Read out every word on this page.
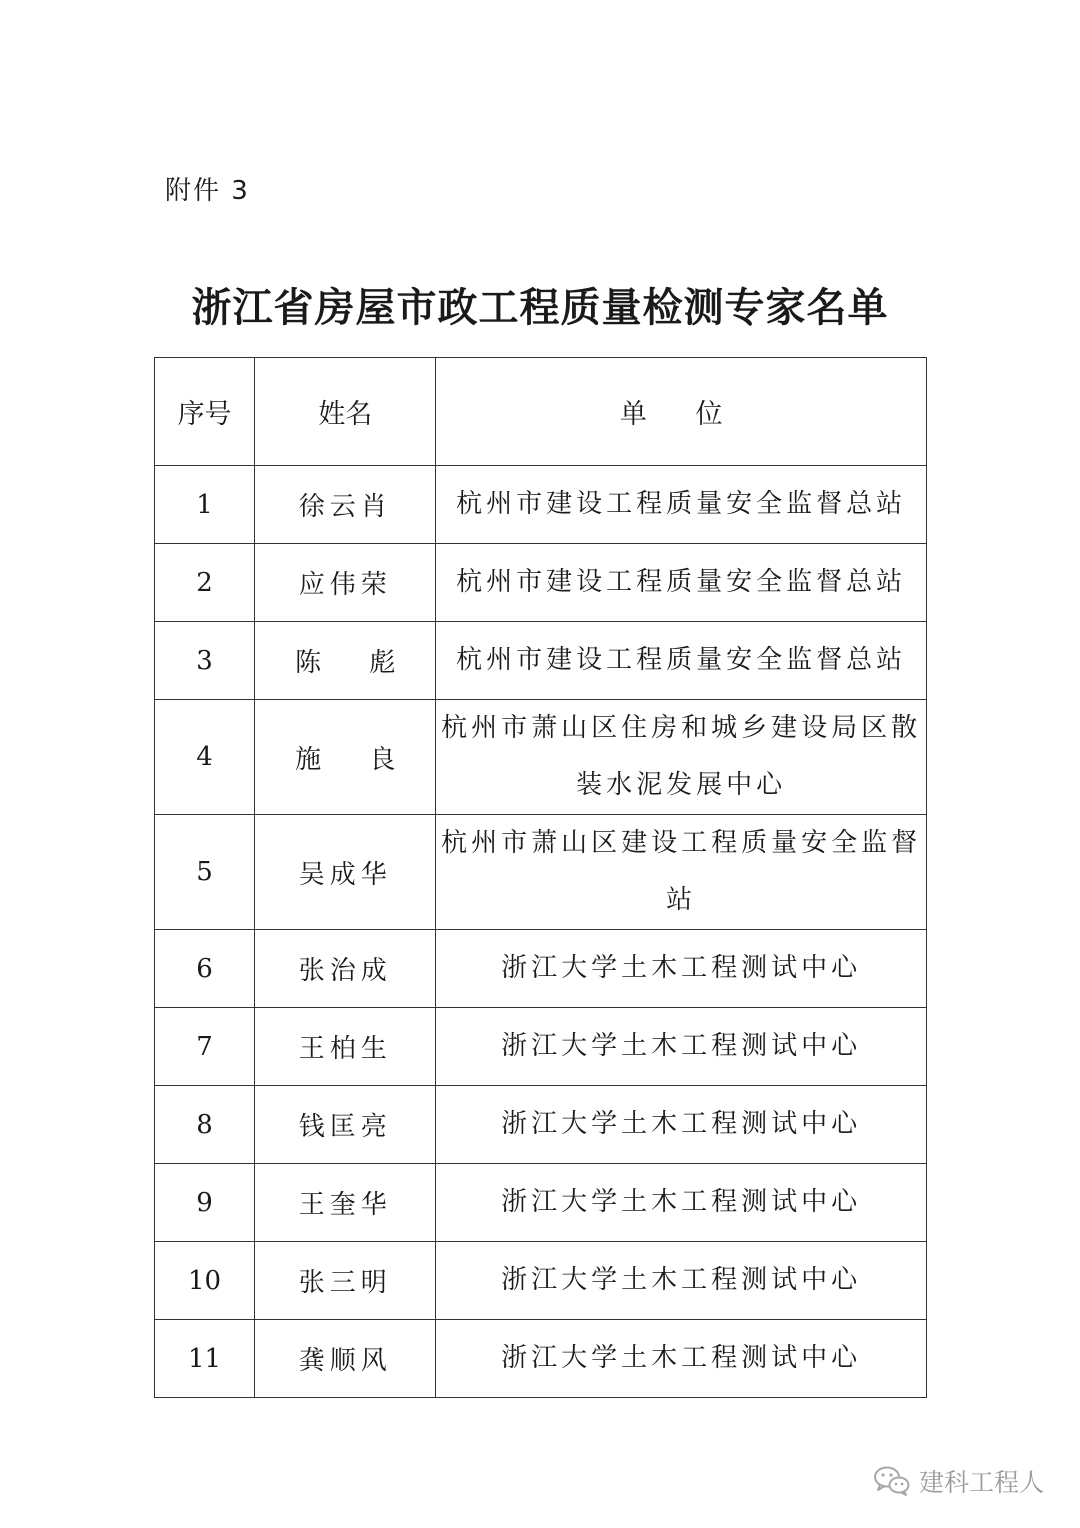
附件 3
浙江省房屋市政工程质量检测专家名单
序号	姓名	单 位
1	徐云肖	杭州市建设工程质量安全监督总站
2	应伟荣	杭州市建设工程质量安全监督总站
3	陈 彪	杭州市建设工程质量安全监督总站
4	施 良	杭州市萧山区住房和城乡建设局区散装水泥发展中心
5	吴成华	杭州市萧山区建设工程质量安全监督站
6	张治成	浙江大学土木工程测试中心
7	王柏生	浙江大学土木工程测试中心
8	钱匡亮	浙江大学土木工程测试中心
9	王奎华	浙江大学土木工程测试中心
10	张三明	浙江大学土木工程测试中心
11	龚顺风	浙江大学土木工程测试中心
建科工程人
